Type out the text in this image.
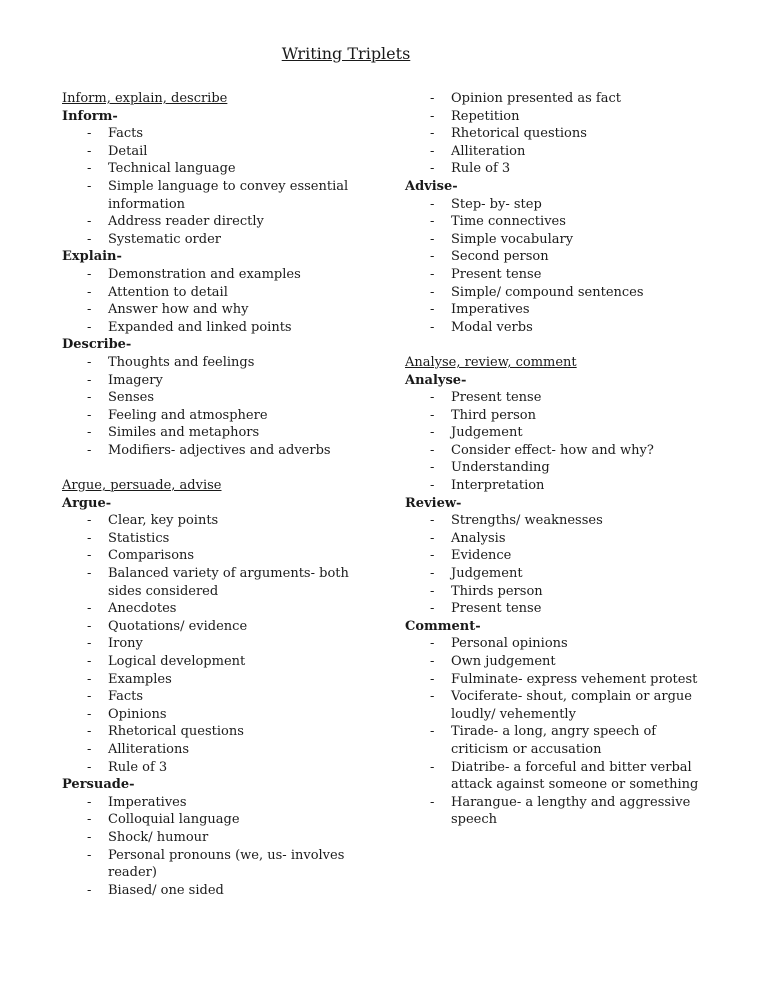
Writing Triplets
Inform, explain, describe
Inform-
- Facts
- Detail
- Technical language
- Simple language to convey essential
information
- Address reader directly
- Systematic order
Explain-
- Demonstration and examples
- Attention to detail
- Answer how and why
- Expanded and linked points
Describe-
- Thoughts and feelings
- Imagery
- Senses
- Feeling and atmosphere
- Similes and metaphors
- Modifiers- adjectives and adverbs
Argue, persuade, advise
Argue-
- Clear, key points
- Statistics
- Comparisons
- Balanced variety of arguments- both
sides considered
- Anecdotes
- Quotations/ evidence
- Irony
- Logical development
- Examples
- Facts
- Opinions
- Rhetorical questions
- Alliterations
- Rule of 3
Persuade-
- Imperatives
- Colloquial language
- Shock/ humour
- Personal pronouns (we, us- involves
reader)
- Biased/ one sided
- Opinion presented as fact
- Repetition
- Rhetorical questions
- Alliteration
- Rule of 3
Advise-
- Step- by- step
- Time connectives
- Simple vocabulary
- Second person
- Present tense
- Simple/ compound sentences
- Imperatives
- Modal verbs
Analyse, review, comment
Analyse-
- Present tense
- Third person
- Judgement
- Consider effect- how and why?
- Understanding
- Interpretation
Review-
- Strengths/ weaknesses
- Analysis
- Evidence
- Judgement
- Thirds person
- Present tense
Comment-
- Personal opinions
- Own judgement
- Fulminate- express vehement protest
- Vociferate- shout, complain or argue
loudly/ vehemently
- Tirade- a long, angry speech of
criticism or accusation
- Diatribe- a forceful and bitter verbal
attack against someone or something
- Harangue- a lengthy and aggressive
speech
